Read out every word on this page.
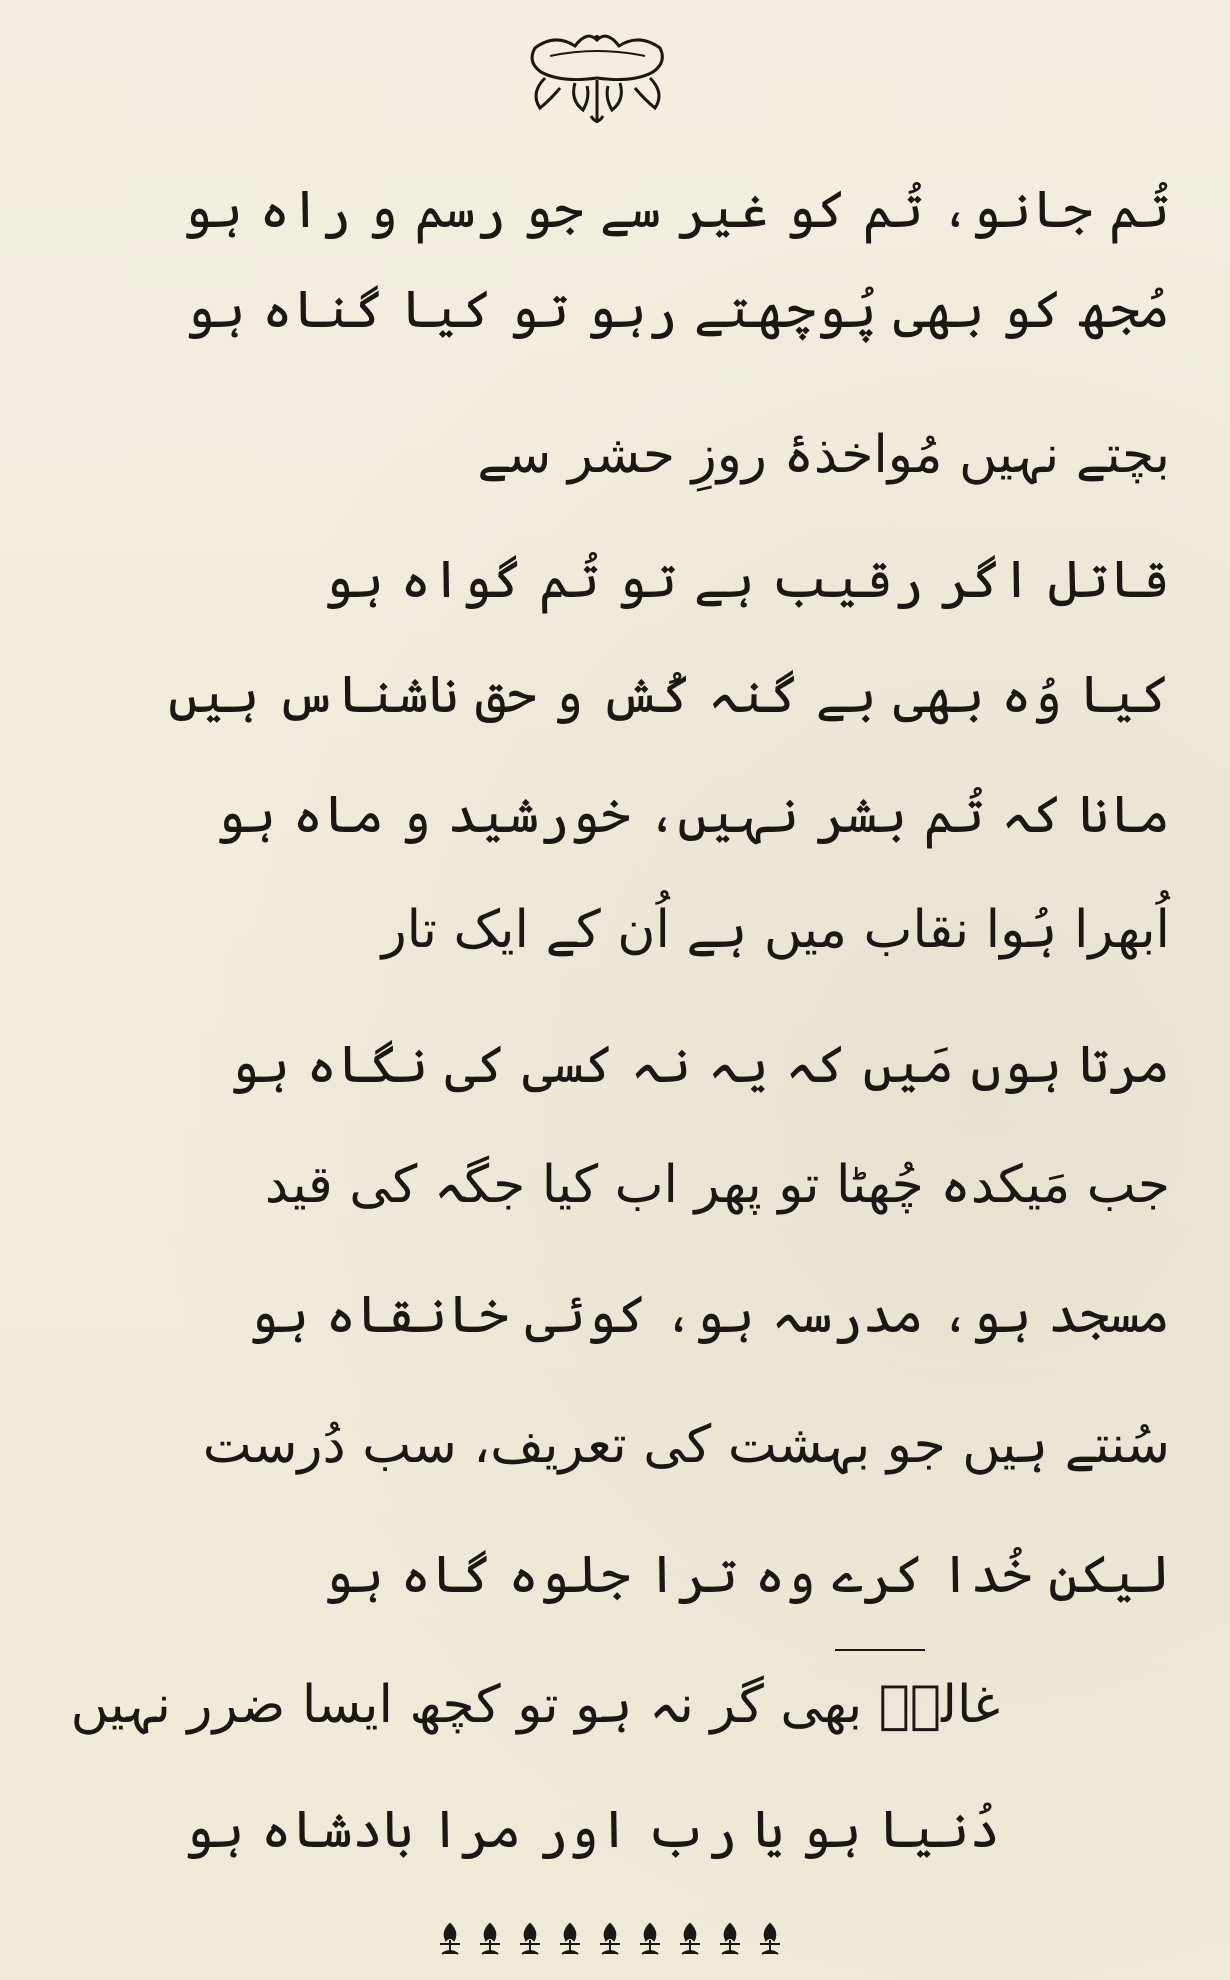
تُم جانو، تُم کو غیر سے جو رسم و راہ ہو
مُجھ کو بھی پُوچھتے رہو تو کیا گناہ ہو
بچتے نہیں مُواخذۂ روزِ حشر سے
قاتل اگر رقیب ہے تو تُم گواہ ہو
کیا وُہ بھی بے گنہ کُش و حق ناشناس ہیں
مانا کہ تُم بشر نہیں، خورشید و ماہ ہو
اُبھرا ہُوا نقاب میں ہے اُن کے ایک تار
مرتا ہوں مَیں کہ یہ نہ کسی کی نگاہ ہو
جب مَیکدہ چُھٹا تو پھر اب کیا جگہ کی قید
مسجد ہو، مدرسہ ہو، کوئی خانقاہ ہو
سُنتے ہیں جو بہشت کی تعریف، سب دُرست
لیکن خُدا کرے وہ ترا جلوہ گاہ ہو
غالبؔ بھی گر نہ ہو تو کچھ ایسا ضرر نہیں
دُنیا ہو یا رب اور مرا بادشاہ ہو
